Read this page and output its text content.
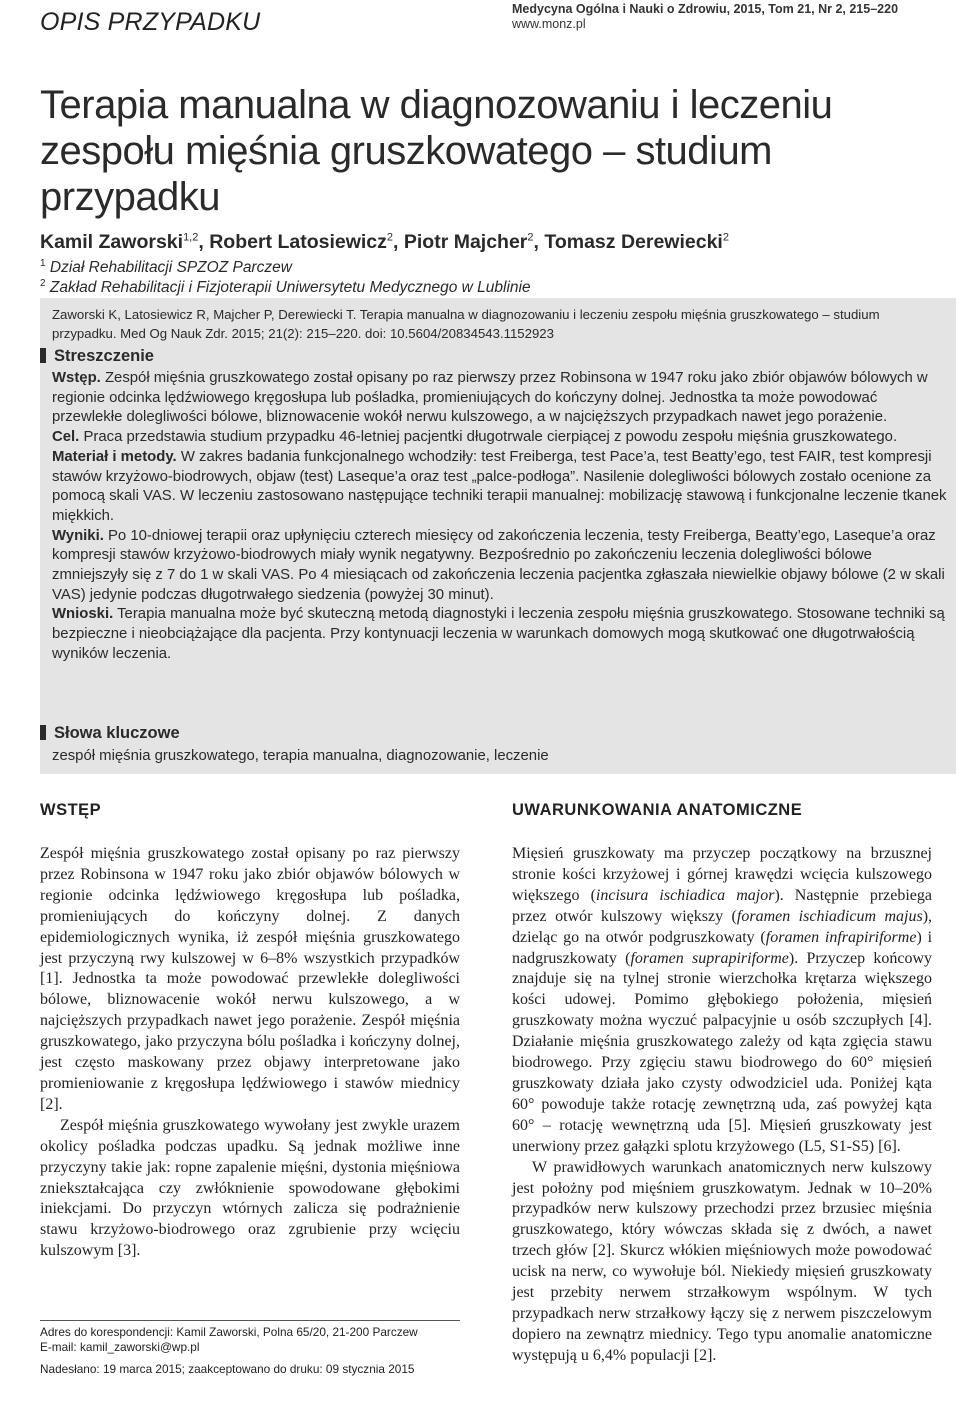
OPIS PRZYPADKU	Medycyna Ogólna i Nauki o Zdrowiu, 2015, Tom 21, Nr 2, 215–220
www.monz.pl
Terapia manualna w diagnozowaniu i leczeniu
zespołu mięśnia gruszkowatego – studium
przypadku
Kamil Zaworski$^{1,2}$, Robert Latosiewicz$^2$, Piotr Majcher$^2$, Tomasz Derewiecki$^2$
$^1$ Dział Rehabilitacji SPZOZ Parczew
$^2$ Zakład Rehabilitacji i Fizjoterapii Uniwersytetu Medycznego w Lublinie
Zaworski K, Latosiewicz R, Majcher P, Derewiecki T. Terapia manualna w diagnozowaniu i leczeniu zespołu mięśnia gruszkowatego – studium przypadku. Med Og Nauk Zdr. 2015; 21(2): 215–220. doi: 10.5604/20834543.1152923
Streszczenie

Wstęp. Zespół mięśnia gruszkowatego został opisany po raz pierwszy przez Robinsona w 1947 roku jako zbiór objawów bólowych w regionie odcinka lędźwiowego kręgosłupa lub pośladka, promieniujących do kończyny dolnej. Jednostka ta może powodować przewlekłe dolegliwości bólowe, bliznowacenie wokół nerwu kulszowego, a w najcięższych przypadkach nawet jego porażenie.

Cel. Praca przedstawia studium przypadku 46-letniej pacjentki długotrwale cierpiącej z powodu zespołu mięśnia gruszkowatego.

Materiał i metody. W zakres badania funkcjonalnego wchodziły: test Freiberga, test Pace’a, test Beatty’ego, test FAIR, test kompresji stawów krzyżowo-biodrowych, objaw (test) Laseque’a oraz test „palce-podłoga”. Nasilenie dolegliwości bólowych zostało ocenione za pomocą skali VAS. W leczeniu zastosowano następujące techniki terapii manualnej: mobilizację stawową i funkcjonalne leczenie tkanek miękkich.

Wyniki. Po 10-dniowej terapii oraz upłynięciu czterech miesięcy od zakończenia leczenia, testy Freiberga, Beatty’ego, Laseque’a oraz kompresji stawów krzyżowo-biodrowych miały wynik negatywny. Bezpośrednio po zakończeniu leczenia dolegliwości bólowe zmniejszyły się z 7 do 1 w skali VAS. Po 4 miesiącach od zakończenia leczenia pacjentka zgłaszała niewielkie objawy bólowe (2 w skali VAS) jedynie podczas długotrwałego siedzenia (powyżej 30 minut).

Wnioski. Terapia manualna może być skuteczną metodą diagnostyki i leczenia zespołu mięśnia gruszkowatego. Stosowane techniki są bezpieczne i nieobciążające dla pacjenta. Przy kontynuacji leczenia w warunkach domowych mogą skutkować one długotrwałością wyników leczenia.

Słowa kluczowe
zespół mięśnia gruszkowatego, terapia manualna, diagnozowanie, leczenie
WSTĘP

Zespół mięśnia gruszkowatego został opisany po raz pierwszy przez Robinsona w 1947 roku jako zbiór objawów bólowych w regionie odcinka lędźwiowego kręgosłupa lub pośladka, promieniujących do kończyny dolnej. Z danych epidemiologicznych wynika, iż zespół mięśnia gruszkowatego jest przyczyną rwy kulszowej w 6–8% wszystkich przypadków [1]. Jednostka ta może powodować przewlekłe dolegliwości bólowe, bliznowacenie wokół nerwu kulszowego, a w najcięższych przypadkach nawet jego porażenie. Zespół mięśnia gruszkowatego, jako przyczyna bólu pośladka i kończyny dolnej, jest często maskowany przez objawy interpretowane jako promieniowanie z kręgosłupa lędźwiowego i stawów miednicy [2].

Zespół mięśnia gruszkowatego wywołany jest zwykle urazem okolicy pośladka podczas upadku. Są jednak możliwe inne przyczyny takie jak: ropne zapalenie mięśni, dystonia mięśniowa zniekształcająca czy zwłóknienie spowodowane głębokimi iniekcjami. Do przyczyn wtórnych zalicza się podrażnienie stawu krzyżowo-biodrowego oraz zgrubienie przy wcięciu kulszowym [3].

UWARUNKOWANIA ANATOMICZNE

Mięsień gruszkowaty ma przyczep początkowy na brzusznej stronie kości krzyżowej i górnej krawędzi wcięcia kulszowego większego (incisura ischiadica major). Następnie przebiega przez otwór kulszowy większy (foramen ischiadicum majus), dzieląc go na otwór podgruszkowaty (foramen infrapiriforme) i nadgruszkowaty (foramen suprapiriforme). Przyczep końcowy znajduje się na tylnej stronie wierzchołka krętarza większego kości udowej. Pomimo głębokiego położenia, mięsień gruszkowaty można wyczuć palpacyjnie u osób szczupłych [4]. Działanie mięśnia gruszkowatego zależy od kąta zgięcia stawu biodrowego. Przy zgięciu stawu biodrowego do 60° mięsień gruszkowaty działa jako czysty odwodziciel uda. Poniżej kąta 60° powoduje także rotację zewnętrzną uda, zaś powyżej kąta 60° – rotację wewnętrzną uda [5]. Mięsień gruszkowaty jest unerwiony przez gałązki splotu krzyżowego (L5, S1-S5) [6].

W prawidłowych warunkach anatomicznych nerw kulszowy jest położny pod mięśniem gruszkowatym. Jednak w 10–20% przypadków nerw kulszowy przechodzi przez brzusiec mięśnia gruszkowatego, który wówczas składa się z dwóch, a nawet trzech głów [2]. Skurcz włókien mięśniowych może powodować ucisk na nerw, co wywołuje ból. Niekiedy mięsień gruszkowaty jest przebity nerwem strzałkowym wspólnym. W tych przypadkach nerw strzałkowy łączy się z nerwem piszczelowym dopiero na zewnątrz miednicy. Tego typu anomalie anatomiczne występują u 6,4% populacji [2].

Adres do korespondencji: Kamil Zaworski, Polna 65/20, 21-200 Parczew
E-mail: kamil_zaworski@wp.pl
Nadesłano: 19 marca 2015; zaakceptowano do druku: 09 stycznia 2015
